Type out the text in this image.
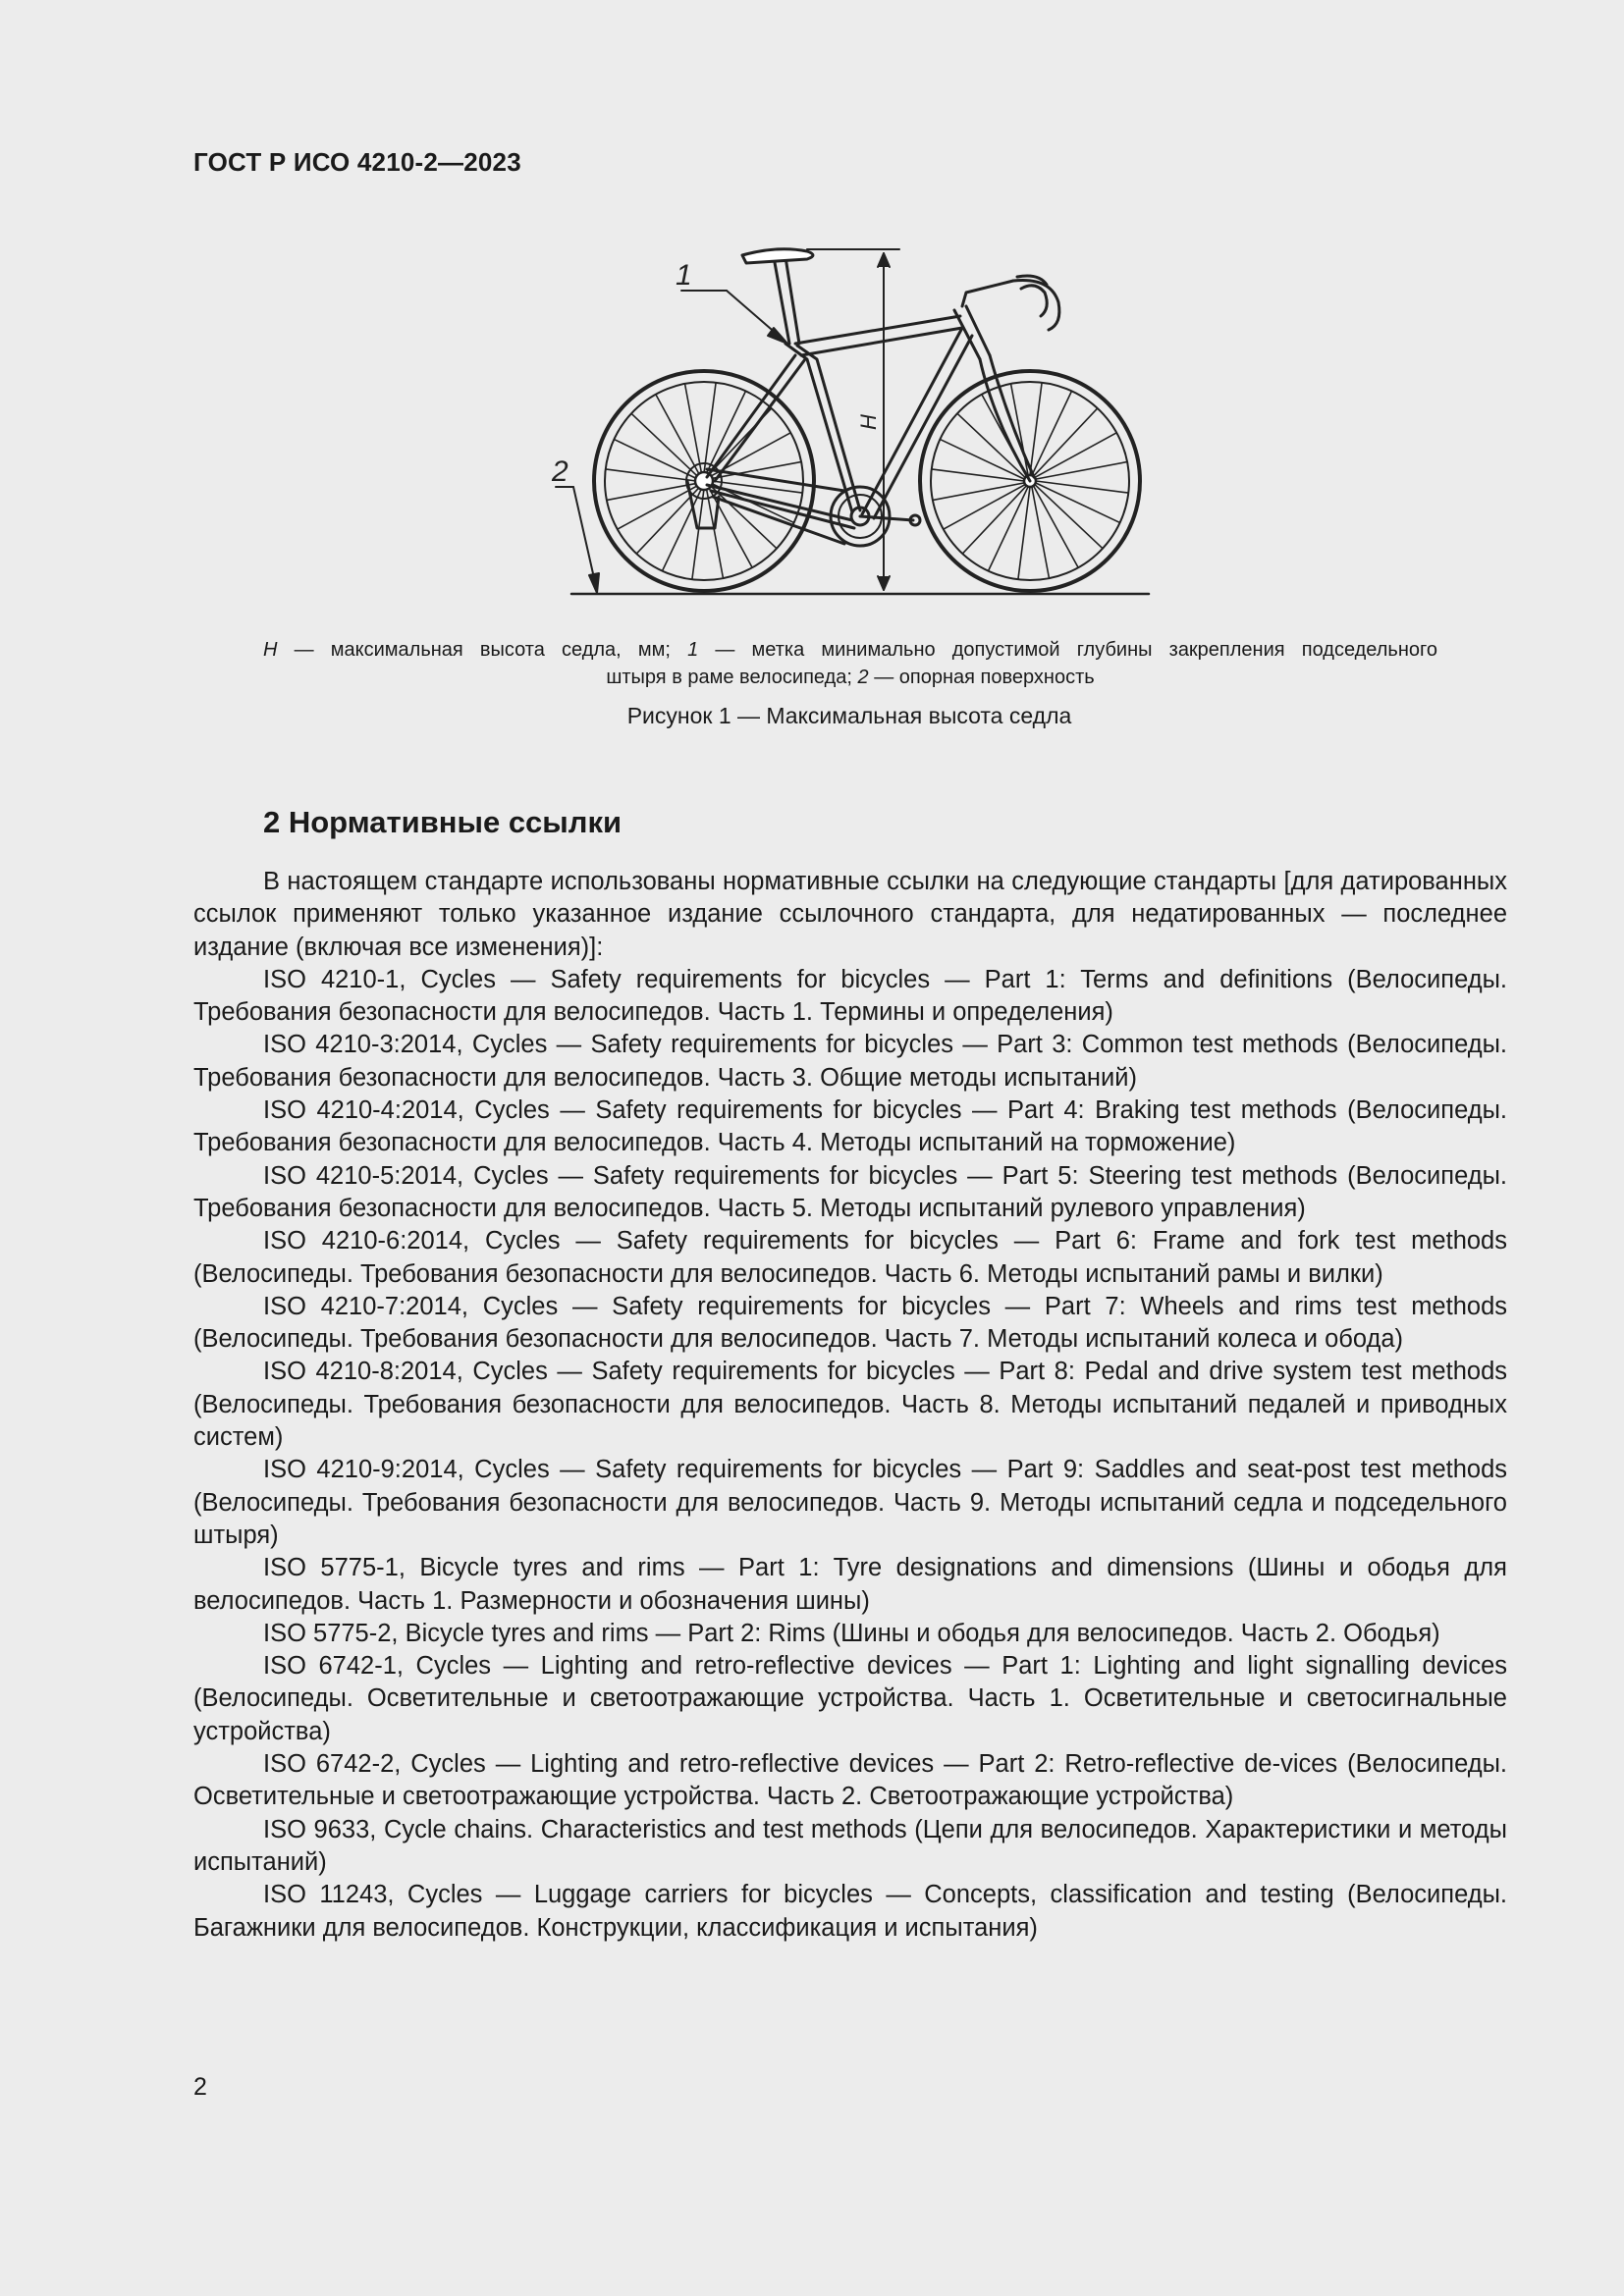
ГОСТ Р ИСО 4210-2—2023
1
2
H
H — максимальная высота седла, мм; 1 — метка минимально допустимой глубины закрепления подседельного
штыря в раме велосипеда; 2 — опорная поверхность
Рисунок 1 — Максимальная высота седла
2 Нормативные ссылки

В настоящем стандарте использованы нормативные ссылки на следующие стандарты [для датированных ссылок применяют только указанное издание ссылочного стандарта, для недатированных — последнее издание (включая все изменения)]:

ISO 4210-1, Cycles — Safety requirements for bicycles — Part 1: Terms and definitions (Велосипеды. Требования безопасности для велосипедов. Часть 1. Термины и определения)

ISO 4210-3:2014, Cycles — Safety requirements for bicycles — Part 3: Common test methods (Велосипеды. Требования безопасности для велосипедов. Часть 3. Общие методы испытаний)

ISO 4210-4:2014, Cycles — Safety requirements for bicycles — Part 4: Braking test methods (Велосипеды. Требования безопасности для велосипедов. Часть 4. Методы испытаний на торможение)

ISO 4210-5:2014, Cycles — Safety requirements for bicycles — Part 5: Steering test methods (Велосипеды. Требования безопасности для велосипедов. Часть 5. Методы испытаний рулевого управления)

ISO 4210-6:2014, Cycles — Safety requirements for bicycles — Part 6: Frame and fork test methods (Велосипеды. Требования безопасности для велосипедов. Часть 6. Методы испытаний рамы и вилки)

ISO 4210-7:2014, Cycles — Safety requirements for bicycles — Part 7: Wheels and rims test methods (Велосипеды. Требования безопасности для велосипедов. Часть 7. Методы испытаний колеса и обода)

ISO 4210-8:2014, Cycles — Safety requirements for bicycles — Part 8: Pedal and drive system test methods (Велосипеды. Требования безопасности для велосипедов. Часть 8. Методы испытаний педалей и приводных систем)

ISO 4210-9:2014, Cycles — Safety requirements for bicycles — Part 9: Saddles and seat-post test methods (Велосипеды. Требования безопасности для велосипедов. Часть 9. Методы испытаний седла и подседельного штыря)

ISO 5775-1, Bicycle tyres and rims — Part 1: Tyre designations and dimensions (Шины и ободья для велосипедов. Часть 1. Размерности и обозначения шины)

ISO 5775-2, Bicycle tyres and rims — Part 2: Rims (Шины и ободья для велосипедов. Часть 2. Ободья)

ISO 6742-1, Cycles — Lighting and retro-reflective devices — Part 1: Lighting and light signalling devices (Велосипеды. Осветительные и светоотражающие устройства. Часть 1. Осветительные и светосигнальные устройства)

ISO 6742-2, Cycles — Lighting and retro-reflective devices — Part 2: Retro-reflective de-vices (Велосипеды. Осветительные и светоотражающие устройства. Часть 2. Светоотражающие устройства)

ISO 9633, Cycle chains. Characteristics and test methods (Цепи для велосипедов. Характеристики и методы испытаний)

ISO 11243, Cycles — Luggage carriers for bicycles — Concepts, classification and testing (Велосипеды. Багажники для велосипедов. Конструкции, классификация и испытания)

2
